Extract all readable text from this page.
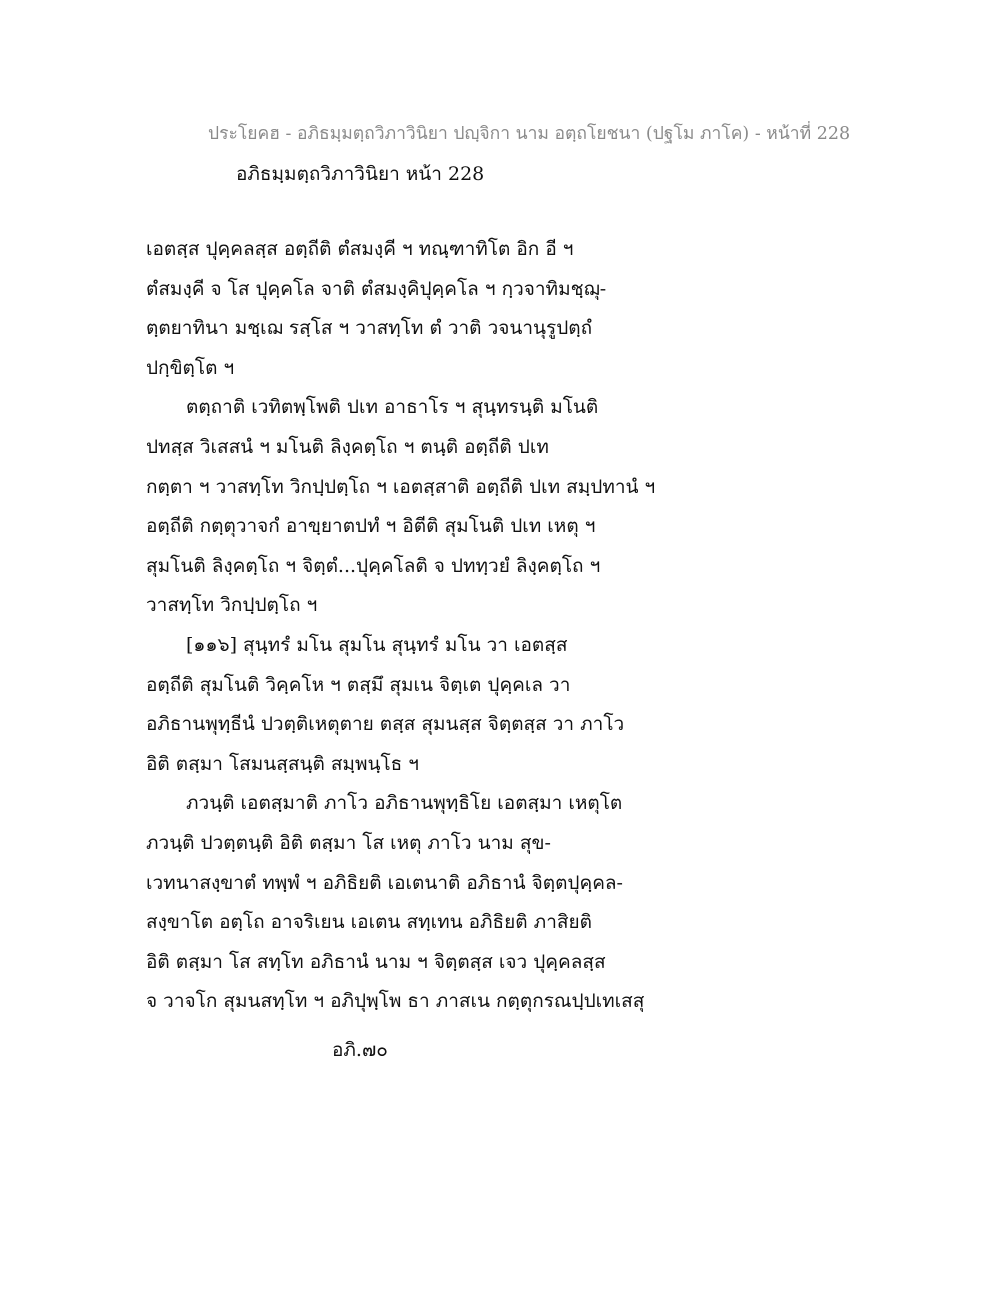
ประโยคฮ - อภิธมฺมตฺถวิภาวินิยา ปญฺจิกา นาม อตฺถโยชนา (ปฐโม ภาโค) - หน้าที่ 228
อภิธมฺมตฺถวิภาวินิยา หน้า 228
เอตสฺส ปุคฺคลสฺส อตฺถีติ ตํสมงฺคี ฯ ทณฺฑาทิโต อิก อี ฯ
ตํสมงฺคี จ โส ปุคฺคโล จาติ ตํสมงฺคิปุคฺคโล ฯ กฺวจาทิมชฺฌุ-
ตฺตยาทินา มชฺเฌ รสฺโส ฯ วาสทฺโท ตํ วาติ วจนานุรูปตฺถํ
ปกฺขิตฺโต ฯ
ตตฺถาติ เวทิตพฺโพติ ปเท อาธาโร ฯ สุนฺทรนฺติ มโนติ
ปทสฺส วิเสสนํ ฯ มโนติ ลิงฺคตฺโถ ฯ ตนฺติ อตฺถีติ ปเท
กตฺตา ฯ วาสทฺโท วิกปฺปตฺโถ ฯ เอตสฺสาติ อตฺถีติ ปเท สมฺปทานํ ฯ
อตฺถีติ กตฺตุวาจกํ อาขฺยาตปทํ ฯ อิตีติ สุมโนติ ปเท เหตุ ฯ
สุมโนติ ลิงฺคตฺโถ ฯ จิตฺตํ...ปุคฺคโลติ จ ปททฺวยํ ลิงฺคตฺโถ ฯ
วาสทฺโท วิกปฺปตฺโถ ฯ
[๑๑๖] สุนฺทรํ มโน สุมโน สุนฺทรํ มโน วา เอตสฺส
อตฺถีติ สุมโนติ วิคฺคโห ฯ ตสฺมึ สุมเน จิตฺเต ปุคฺคเล วา
อภิธานพุทฺธีนํ ปวตฺติเหตุตาย ตสฺส สุมนสฺส จิตฺตสฺส วา ภาโว
อิติ ตสฺมา โสมนสฺสนฺติ สมฺพนฺโธ ฯ
ภวนฺติ เอตสฺมาติ ภาโว อภิธานพุทฺธิโย เอตสฺมา เหตุโต
ภวนฺติ ปวตฺตนฺติ อิติ ตสฺมา โส เหตุ ภาโว นาม สุข-
เวทนาสงฺขาตํ ทพฺพํ ฯ อภิธิยติ เอเตนาติ อภิธานํ จิตฺตปุคฺคล-
สงฺขาโต อตฺโถ อาจริเยน เอเตน สทฺเทน อภิธิยติ ภาสิยติ
อิติ ตสฺมา โส สทฺโท อภิธานํ นาม ฯ จิตฺตสฺส เจว ปุคฺคลสฺส
จ วาจโก สุมนสทฺโท ฯ อภิปุพฺโพ ธา ภาสเน กตฺตุกรณปฺปเทเสสุ
อภิ.๗๐
